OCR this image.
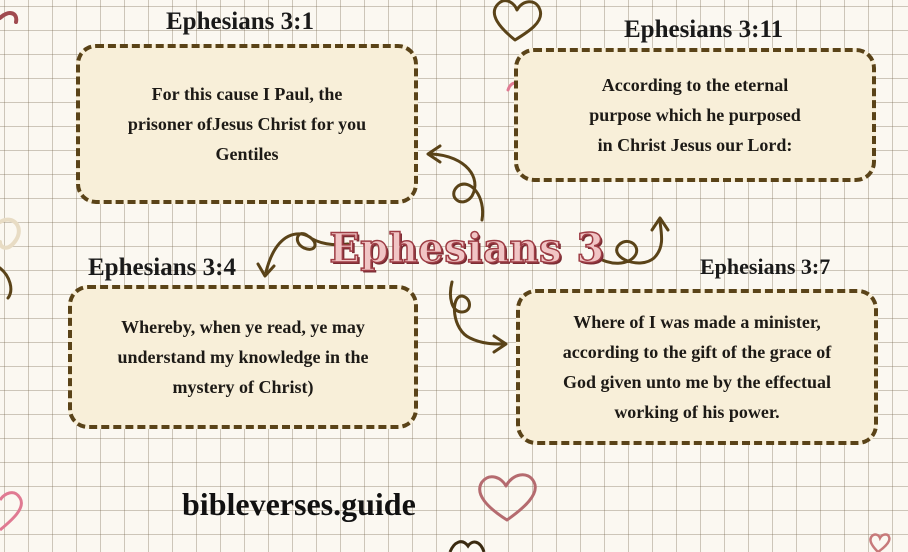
Ephesians 3:1	Ephesians 3:11
Ephesians 3:4	Ephesians 3:7
For this cause I Paul, the
prisoner ofJesus Christ for you
Gentiles
According to the eternal
purpose which he purposed
in Christ Jesus our Lord:
Whereby, when ye read, ye may
understand my knowledge in the
mystery of Christ)
Where of I was made a minister,
according to the gift of the grace of
God given unto me by the effectual
working of his power.
Ephesians 3
bibleverses.guide
